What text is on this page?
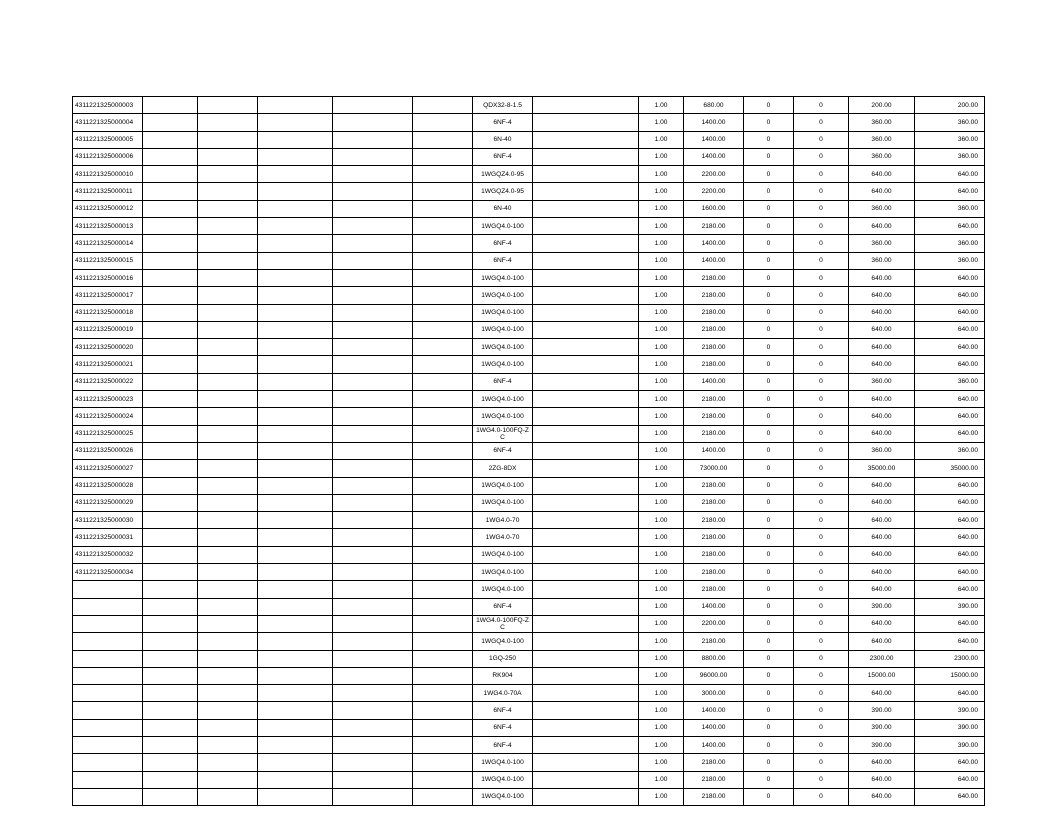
4311221325000003						QDX32-8-1.5		1.00	680.00	0	0	200.00	200.00
4311221325000004						6NF-4		1.00	1400.00	0	0	360.00	360.00
4311221325000005						6N-40		1.00	1400.00	0	0	360.00	360.00
4311221325000006						6NF-4		1.00	1400.00	0	0	360.00	360.00
4311221325000010						1WGQZ4.0-95		1.00	2200.00	0	0	640.00	640.00
4311221325000011						1WGQZ4.0-95		1.00	2200.00	0	0	640.00	640.00
4311221325000012						6N-40		1.00	1600.00	0	0	360.00	360.00
4311221325000013						1WGQ4.0-100		1.00	2180.00	0	0	640.00	640.00
4311221325000014						6NF-4		1.00	1400.00	0	0	360.00	360.00
4311221325000015						6NF-4		1.00	1400.00	0	0	360.00	360.00
4311221325000016						1WGQ4.0-100		1.00	2180.00	0	0	640.00	640.00
4311221325000017						1WGQ4.0-100		1.00	2180.00	0	0	640.00	640.00
4311221325000018						1WGQ4.0-100		1.00	2180.00	0	0	640.00	640.00
4311221325000019						1WGQ4.0-100		1.00	2180.00	0	0	640.00	640.00
4311221325000020						1WGQ4.0-100		1.00	2180.00	0	0	640.00	640.00
4311221325000021						1WGQ4.0-100		1.00	2180.00	0	0	640.00	640.00
4311221325000022						6NF-4		1.00	1400.00	0	0	360.00	360.00
4311221325000023						1WGQ4.0-100		1.00	2180.00	0	0	640.00	640.00
4311221325000024						1WGQ4.0-100		1.00	2180.00	0	0	640.00	640.00
4311221325000025						1WG4.0-100FQ-ZC		1.00	2180.00	0	0	640.00	640.00
4311221325000026						6NF-4		1.00	1400.00	0	0	360.00	360.00
4311221325000027						2ZG-8DX		1.00	73000.00	0	0	35000.00	35000.00
4311221325000028						1WGQ4.0-100		1.00	2180.00	0	0	640.00	640.00
4311221325000029						1WGQ4.0-100		1.00	2180.00	0	0	640.00	640.00
4311221325000030						1WG4.0-70		1.00	2180.00	0	0	640.00	640.00
4311221325000031						1WG4.0-70		1.00	2180.00	0	0	640.00	640.00
4311221325000032						1WGQ4.0-100		1.00	2180.00	0	0	640.00	640.00
4311221325000034						1WGQ4.0-100		1.00	2180.00	0	0	640.00	640.00
						1WGQ4.0-100		1.00	2180.00	0	0	640.00	640.00
						6NF-4		1.00	1400.00	0	0	390.00	390.00
						1WG4.0-100FQ-ZC		1.00	2200.00	0	0	640.00	640.00
						1WGQ4.0-100		1.00	2180.00	0	0	640.00	640.00
						1GQ-250		1.00	8800.00	0	0	2300.00	2300.00
						RK904		1.00	96000.00	0	0	15000.00	15000.00
						1WG4.0-70A		1.00	3000.00	0	0	640.00	640.00
						6NF-4		1.00	1400.00	0	0	390.00	390.00
						6NF-4		1.00	1400.00	0	0	390.00	390.00
						6NF-4		1.00	1400.00	0	0	390.00	390.00
						1WGQ4.0-100		1.00	2180.00	0	0	640.00	640.00
						1WGQ4.0-100		1.00	2180.00	0	0	640.00	640.00
						1WGQ4.0-100		1.00	2180.00	0	0	640.00	640.00
